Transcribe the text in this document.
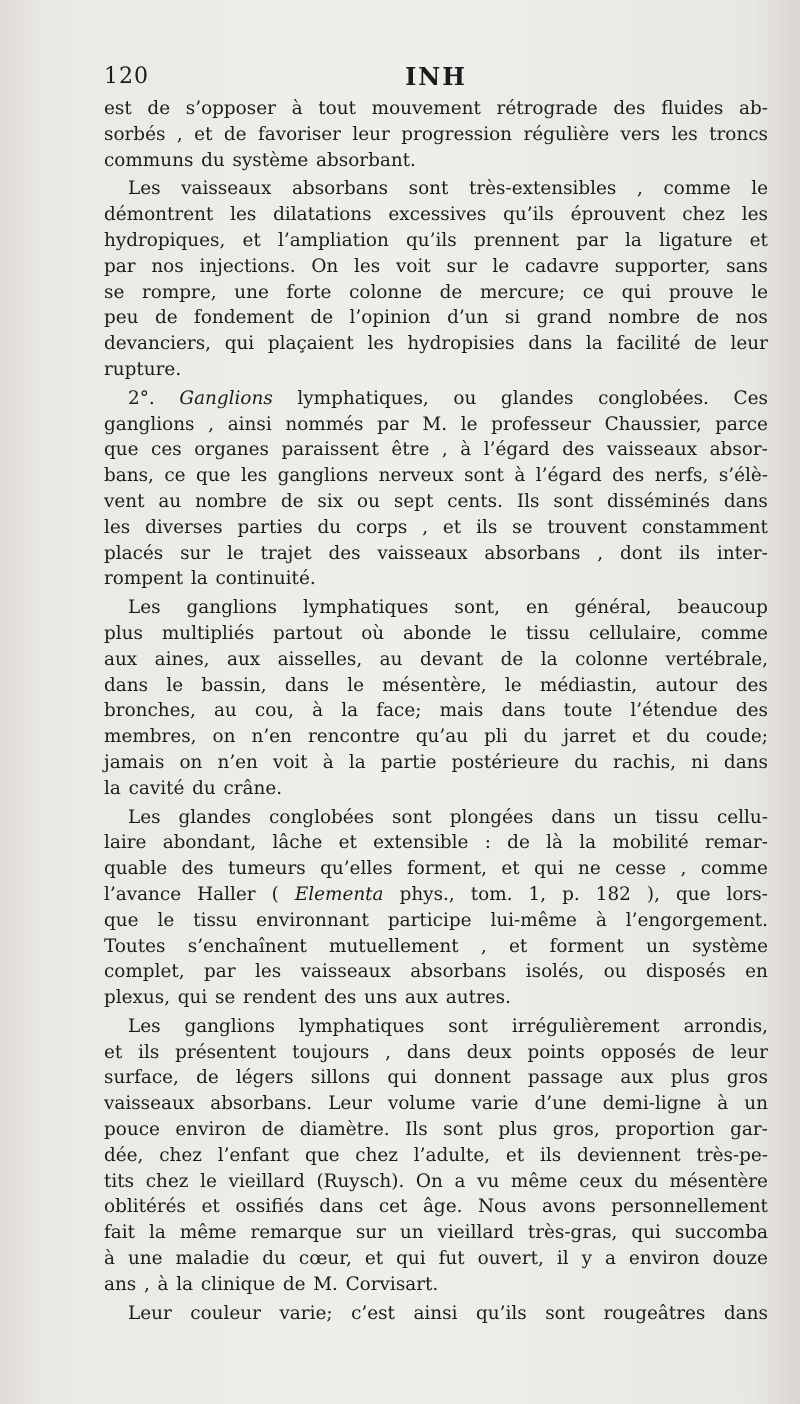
120	INH
est de s’opposer à tout mouvement rétrograde des fluides ab-
sorbés , et de favoriser leur progression régulière vers les troncs
communs du système absorbant.
Les vaisseaux absorbans sont très-extensibles , comme le
démontrent les dilatations excessives qu’ils éprouvent chez les
hydropiques, et l’ampliation qu’ils prennent par la ligature et
par nos injections. On les voit sur le cadavre supporter, sans
se rompre, une forte colonne de mercure; ce qui prouve le
peu de fondement de l’opinion d’un si grand nombre de nos
devanciers, qui plaçaient les hydropisies dans la facilité de leur
rupture.
2°. Ganglions lymphatiques, ou glandes conglobées. Ces
ganglions , ainsi nommés par M. le professeur Chaussier, parce
que ces organes paraissent être , à l’égard des vaisseaux absor-
bans, ce que les ganglions nerveux sont à l’égard des nerfs, s’élè-
vent au nombre de six ou sept cents. Ils sont disséminés dans
les diverses parties du corps , et ils se trouvent constamment
placés sur le trajet des vaisseaux absorbans , dont ils inter-
rompent la continuité.
Les ganglions lymphatiques sont, en général, beaucoup
plus multipliés partout où abonde le tissu cellulaire, comme
aux aines, aux aisselles, au devant de la colonne vertébrale,
dans le bassin, dans le mésentère, le médiastin, autour des
bronches, au cou, à la face; mais dans toute l’étendue des
membres, on n’en rencontre qu’au pli du jarret et du coude;
jamais on n’en voit à la partie postérieure du rachis, ni dans
la cavité du crâne.
Les glandes conglobées sont plongées dans un tissu cellu-
laire abondant, lâche et extensible : de là la mobilité remar-
quable des tumeurs qu’elles forment, et qui ne cesse , comme
l’avance Haller ( Elementa phys., tom. 1, p. 182 ), que lors-
que le tissu environnant participe lui-même à l’engorgement.
Toutes s’enchaînent mutuellement , et forment un système
complet, par les vaisseaux absorbans isolés, ou disposés en
plexus, qui se rendent des uns aux autres.
Les ganglions lymphatiques sont irrégulièrement arrondis,
et ils présentent toujours , dans deux points opposés de leur
surface, de légers sillons qui donnent passage aux plus gros
vaisseaux absorbans. Leur volume varie d’une demi-ligne à un
pouce environ de diamètre. Ils sont plus gros, proportion gar-
dée, chez l’enfant que chez l’adulte, et ils deviennent très-pe-
tits chez le vieillard (Ruysch). On a vu même ceux du mésentère
oblitérés et ossifiés dans cet âge. Nous avons personnellement
fait la même remarque sur un vieillard très-gras, qui succomba
à une maladie du cœur, et qui fut ouvert, il y a environ douze
ans , à la clinique de M. Corvisart.
Leur couleur varie; c’est ainsi qu’ils sont rougeâtres dans
